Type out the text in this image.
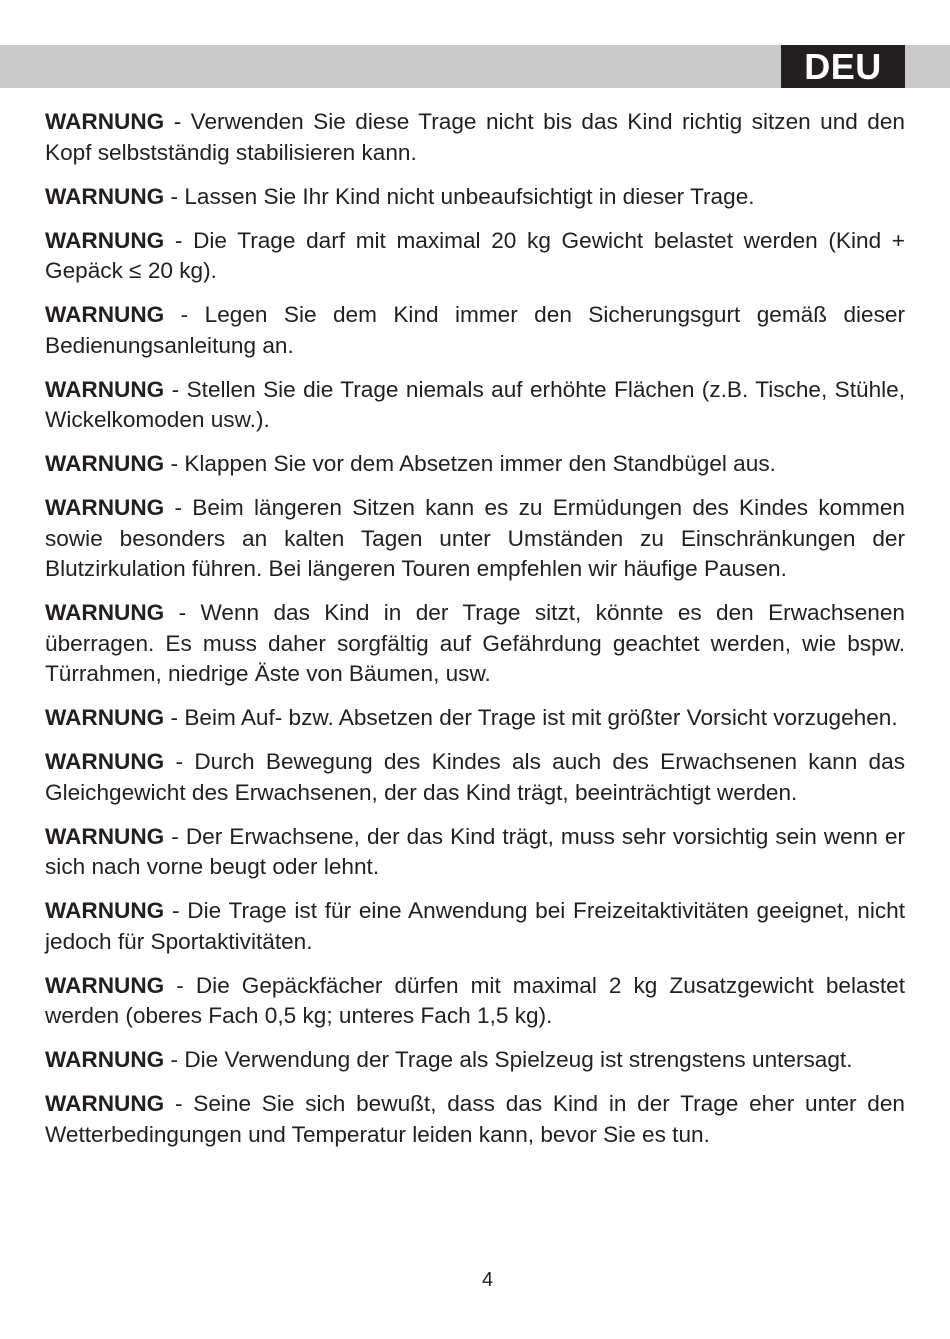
DEU

WARNUNG - Verwenden Sie diese Trage nicht bis das Kind richtig sitzen und den Kopf selbstständig stabilisieren kann.

WARNUNG - Lassen Sie Ihr Kind nicht unbeaufsichtigt in dieser Trage.

WARNUNG - Die Trage darf mit maximal 20 kg Gewicht belastet werden (Kind + Gepäck ≤ 20 kg).

WARNUNG - Legen Sie dem Kind immer den Sicherungsgurt gemäß dieser Bedienungsanleitung an.

WARNUNG - Stellen Sie die Trage niemals auf erhöhte Flächen (z.B. Tische, Stühle, Wickelkomoden usw.).

WARNUNG - Klappen Sie vor dem Absetzen immer den Standbügel aus.

WARNUNG - Beim längeren Sitzen kann es zu Ermüdungen des Kindes kommen sowie besonders an kalten Tagen unter Umständen zu Einschränkungen der Blutzirkulation führen. Bei längeren Touren empfehlen wir häufige Pausen.

WARNUNG - Wenn das Kind in der Trage sitzt, könnte es den Erwachsenen überragen. Es muss daher sorgfältig auf Gefährdung geachtet werden, wie bspw. Türrahmen, niedrige Äste von Bäumen, usw.

WARNUNG - Beim Auf- bzw. Absetzen der Trage ist mit größter Vorsicht vorzugehen.

WARNUNG - Durch Bewegung des Kindes als auch des Erwachsenen kann das Gleichgewicht des Erwachsenen, der das Kind trägt, beeinträchtigt werden.

WARNUNG - Der Erwachsene, der das Kind trägt, muss sehr vorsichtig sein wenn er sich nach vorne beugt oder lehnt.

WARNUNG - Die Trage ist für eine Anwendung bei Freizeitaktivitäten geeignet, nicht jedoch für Sportaktivitäten.

WARNUNG - Die Gepäckfächer dürfen mit maximal 2 kg Zusatzgewicht belastet werden (oberes Fach 0,5 kg; unteres Fach 1,5 kg).

WARNUNG - Die Verwendung der Trage als Spielzeug ist strengstens untersagt.

WARNUNG - Seine Sie sich bewußt, dass das Kind in der Trage eher unter den Wetterbedingungen und Temperatur leiden kann, bevor Sie es tun.

4
